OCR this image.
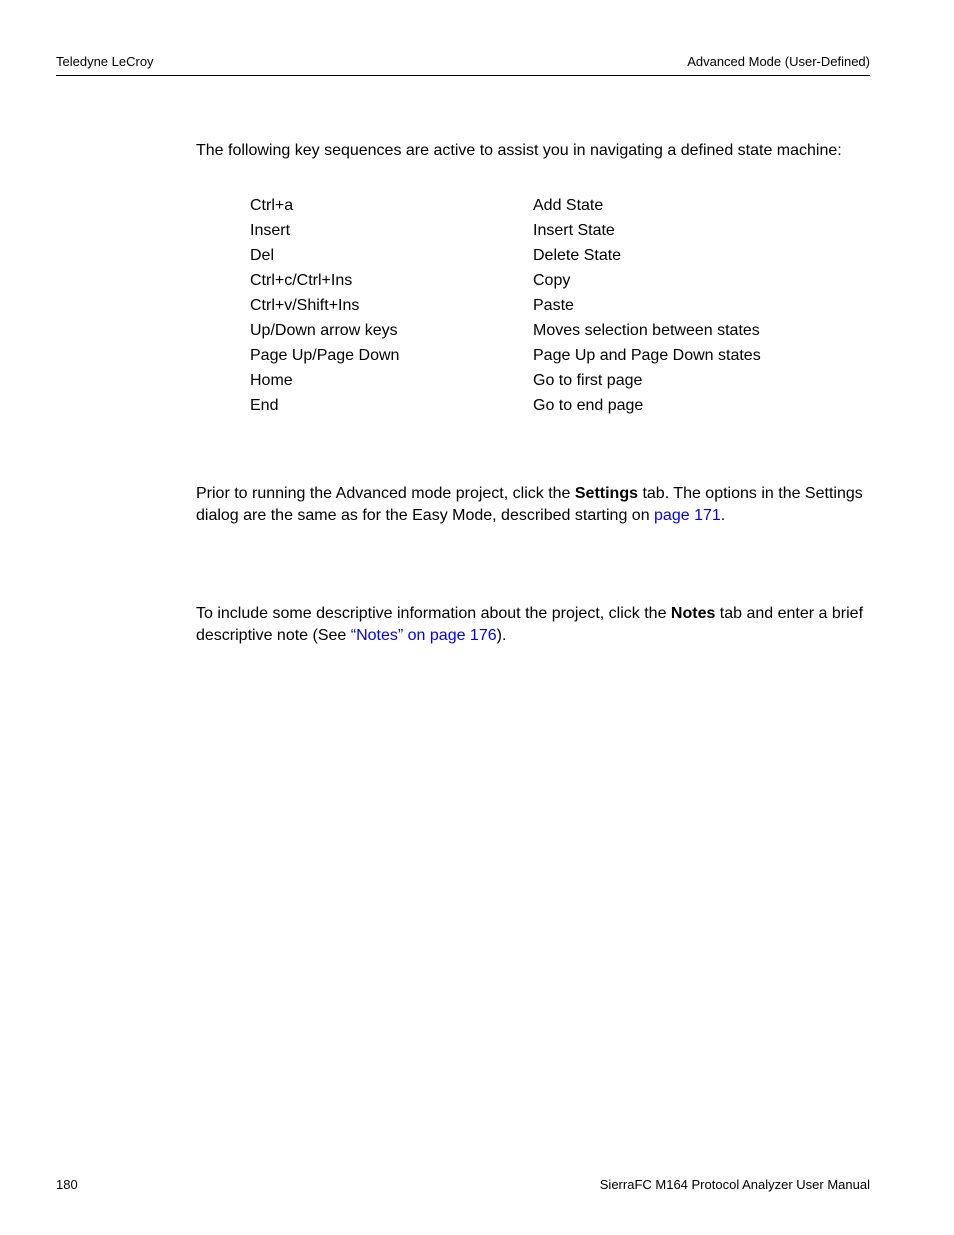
Teledyne LeCroy	Advanced Mode (User-Defined)
The following key sequences are active to assist you in navigating a defined state machine:
Ctrl+a	Add State
Insert	Insert State
Del	Delete State
Ctrl+c/Ctrl+Ins	Copy
Ctrl+v/Shift+Ins	Paste
Up/Down arrow keys	Moves selection between states
Page Up/Page Down	Page Up and Page Down states
Home	Go to first page
End	Go to end page
Prior to running the Advanced mode project, click the Settings tab. The options in the Settings dialog are the same as for the Easy Mode, described starting on page 171.
To include some descriptive information about the project, click the Notes tab and enter a brief descriptive note (See “Notes” on page 176).
180	SierraFC M164 Protocol Analyzer User Manual
